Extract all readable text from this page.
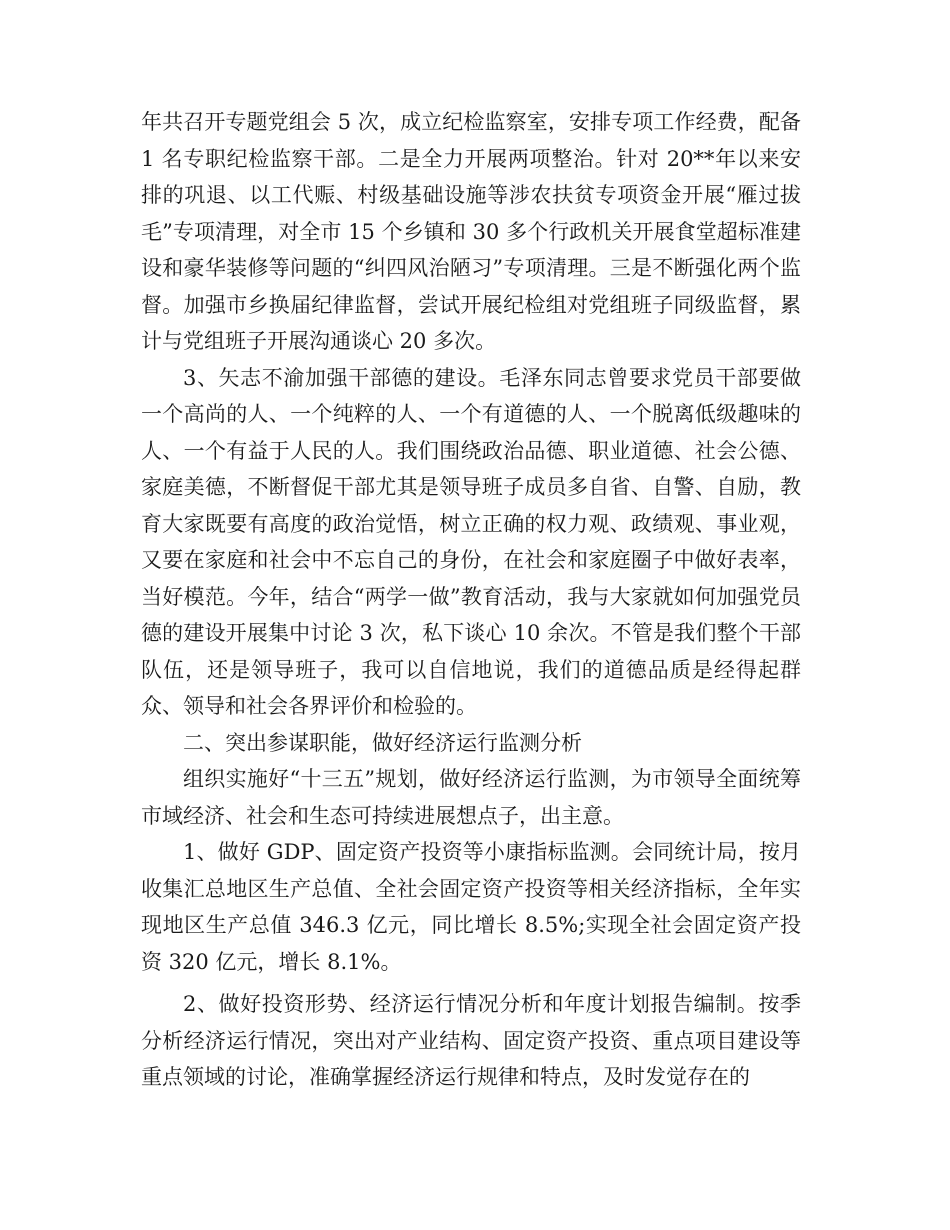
年共召开专题党组会 5 次，成立纪检监察室，安排专项工作经费，配备 1 名专职纪检监察干部。二是全力开展两项整治。针对 20**年以来安排的巩退、以工代赈、村级基础设施等涉农扶贫专项资金开展“雁过拔毛”专项清理，对全市 15 个乡镇和 30 多个行政机关开展食堂超标准建设和豪华装修等问题的“纠四风治陋习”专项清理。三是不断强化两个监督。加强市乡换届纪律监督，尝试开展纪检组对党组班子同级监督，累计与党组班子开展沟通谈心 20 多次。

3、矢志不渝加强干部德的建设。毛泽东同志曾要求党员干部要做一个高尚的人、一个纯粹的人、一个有道德的人、一个脱离低级趣味的人、一个有益于人民的人。我们围绕政治品德、职业道德、社会公德、家庭美德，不断督促干部尤其是领导班子成员多自省、自警、自励，教育大家既要有高度的政治觉悟，树立正确的权力观、政绩观、事业观，又要在家庭和社会中不忘自己的身份，在社会和家庭圈子中做好表率，当好模范。今年，结合“两学一做”教育活动，我与大家就如何加强党员德的建设开展集中讨论 3 次，私下谈心 10 余次。不管是我们整个干部队伍，还是领导班子，我可以自信地说，我们的道德品质是经得起群众、领导和社会各界评价和检验的。

二、突出参谋职能，做好经济运行监测分析

组织实施好“十三五”规划，做好经济运行监测，为市领导全面统筹市域经济、社会和生态可持续进展想点子，出主意。

1、做好 GDP、固定资产投资等小康指标监测。会同统计局，按月收集汇总地区生产总值、全社会固定资产投资等相关经济指标，全年实现地区生产总值 346.3 亿元，同比增长 8.5%;实现全社会固定资产投资 320 亿元，增长 8.1%。

2、做好投资形势、经济运行情况分析和年度计划报告编制。按季分析经济运行情况，突出对产业结构、固定资产投资、重点项目建设等重点领域的讨论，准确掌握经济运行规律和特点，及时发觉存在的
